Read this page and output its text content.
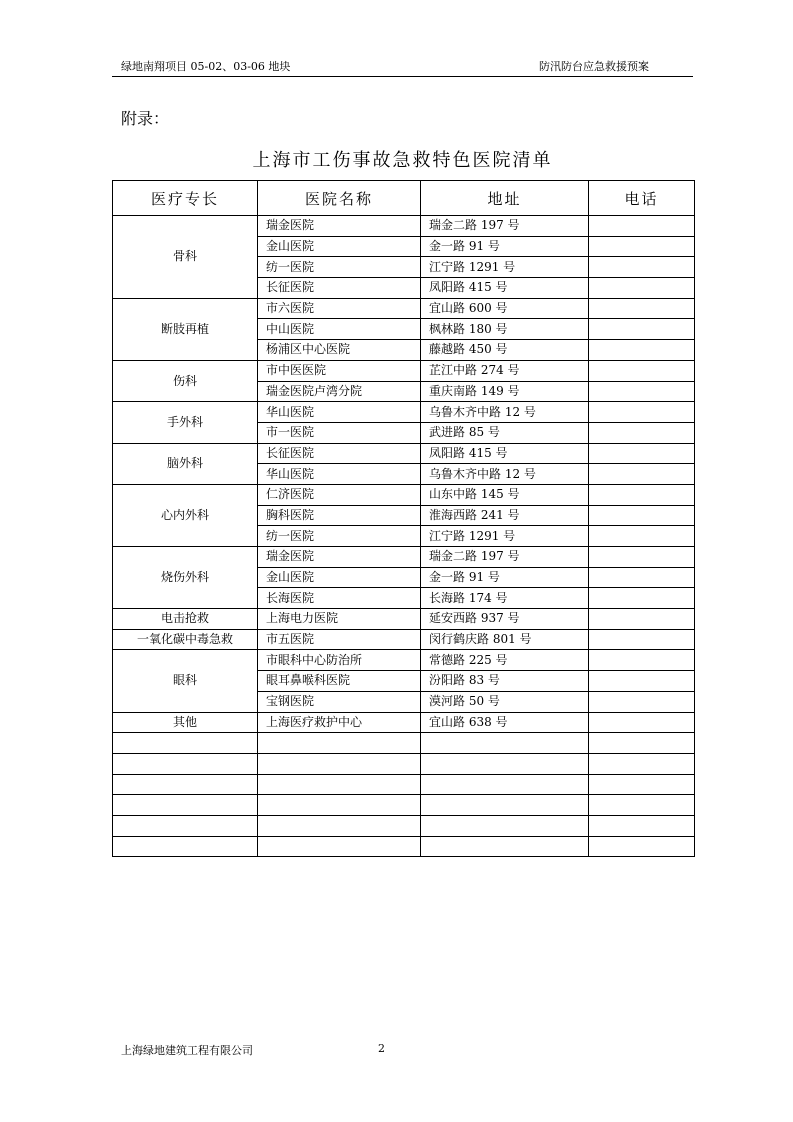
绿地南翔项目 05-02、03-06 地块	防汛防台应急救援预案
附录：
上海市工伤事故急救特色医院清单
医疗专长	医院名称	地址	电话
骨科	瑞金医院	瑞金二路 197 号	
	金山医院	金一路 91 号	
	纺一医院	江宁路 1291 号	
	长征医院	凤阳路 415 号	
断肢再植	市六医院	宜山路 600 号	
	中山医院	枫林路 180 号	
	杨浦区中心医院	藤越路 450 号	
伤科	市中医医院	芷江中路 274 号	
	瑞金医院卢湾分院	重庆南路 149 号	
手外科	华山医院	乌鲁木齐中路 12 号	
	市一医院	武进路 85 号	
脑外科	长征医院	凤阳路 415 号	
	华山医院	乌鲁木齐中路 12 号	
心内外科	仁济医院	山东中路 145 号	
	胸科医院	淮海西路 241 号	
	纺一医院	江宁路 1291 号	
烧伤外科	瑞金医院	瑞金二路 197 号	
	金山医院	金一路 91 号	
	长海医院	长海路 174 号	
电击抢救	上海电力医院	延安西路 937 号	
一氧化碳中毒急救	市五医院	闵行鹤庆路 801 号	
眼科	市眼科中心防治所	常德路 225 号	
	眼耳鼻喉科医院	汾阳路 83 号	
	宝钢医院	漠河路 50 号	
其他	上海医疗救护中心	宜山路 638 号	

上海绿地建筑工程有限公司	2
